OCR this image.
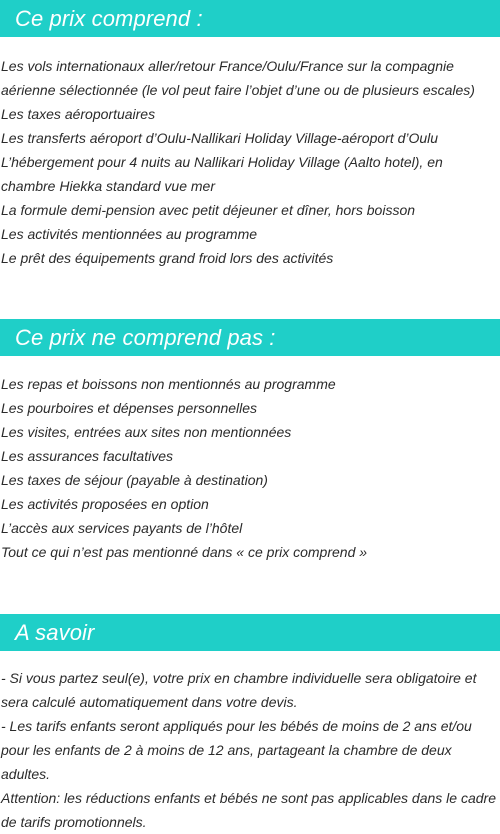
Ce prix comprend :
Les vols internationaux aller/retour France/Oulu/France sur la compagnie aérienne sélectionnée (le vol peut faire l’objet d’une ou de plusieurs escales)
Les taxes aéroportuaires
Les transferts aéroport d’Oulu-Nallikari Holiday Village-aéroport d’Oulu
L’hébergement pour 4 nuits au Nallikari Holiday Village (Aalto hotel), en chambre Hiekka standard vue mer
La formule demi-pension avec petit déjeuner et dîner, hors boisson
Les activités mentionnées au programme
Le prêt des équipements grand froid lors des activités
Ce prix ne comprend pas :
Les repas et boissons non mentionnés au programme
Les pourboires et dépenses personnelles
Les visites, entrées aux sites non mentionnées
Les assurances facultatives
Les taxes de séjour (payable à destination)
Les activités proposées en option
L’accès aux services payants de l’hôtel
Tout ce qui n’est pas mentionné dans « ce prix comprend »
A savoir
- Si vous partez seul(e), votre prix en chambre individuelle sera obligatoire et sera calculé automatiquement dans votre devis.
- Les tarifs enfants seront appliqués pour les bébés de moins de 2 ans et/ou pour les enfants de 2 à moins de 12 ans, partageant la chambre de deux adultes.
Attention: les réductions enfants et bébés ne sont pas applicables dans le cadre de tarifs promotionnels.
